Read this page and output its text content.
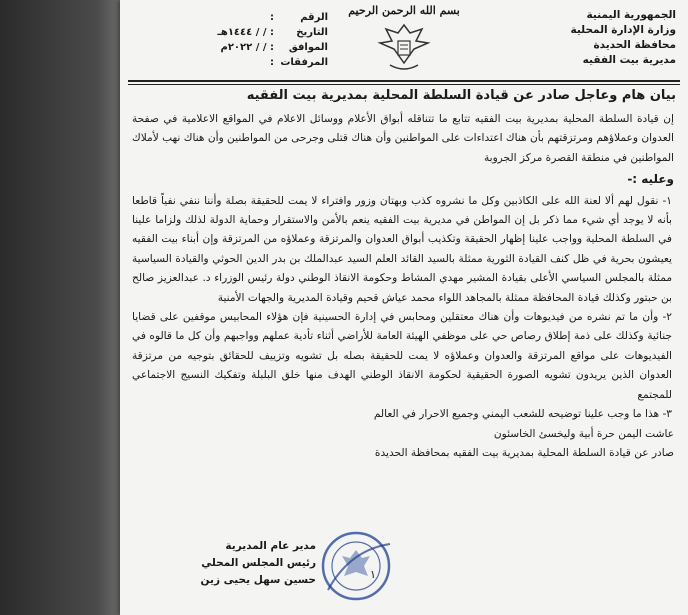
الجمهورية اليمنية
وزارة الإدارة المحلية
محافظة الحديدة
مديرية بيت الفقيه
بسم الله الرحمن الرحيم
الرقم
:
التاريخ
: / / ١٤٤٤هـ
الموافق
: / / ٢٠٢٢م
المرفقات
:
بيان هام وعاجل صادر عن قيادة السلطة المحلية بمديرية بيت الفقيه

إن قيادة السلطة المحلية بمديرية بيت الفقيه تتابع ما تتناقله أبواق الأعلام ووسائل الاعلام في المواقع الاعلامية في صفحة العدوان وعملاؤهم ومرتزقتهم بأن هناك اعتداءات على المواطنين وأن هناك قتلى وجرحى من المواطنين وأن هناك نهب لأملاك المواطنين في منطقة القصرة مركز الجروبة

وعليه :-

١- نقول لهم ألا لعنة الله على الكاذبين وكل ما نشروه كذب وبهتان وزور وافتراء لا يمت للحقيقة بصلة وأننا ننفي نفياً قاطعا بأنه لا يوجد أي شيء مما ذكر بل إن المواطن في مديرية بيت الفقيه ينعم بالأمن والاستقرار وحماية الدولة لذلك ولزاما علينا في السلطة المحلية وواجب علينا إظهار الحقيقة وتكذيب أبواق العدوان والمرتزقة وعملاؤه من المرتزقة وإن أبناء بيت الفقيه يعيشون بحرية في ظل كنف القيادة الثورية ممثلة بالسيد القائد العلم السيد عبدالملك بن بدر الدين الحوثي والقيادة السياسية ممثلة بالمجلس السياسي الأعلى بقيادة المشير مهدي المشاط وحكومة الانقاذ الوطني دولة رئيس الوزراء د. عبدالعزيز صالح بن حبتور وكذلك قيادة المحافظة ممثلة بالمجاهد اللواء محمد عياش قحيم وقيادة المديرية والجهات الأمنية

٢- وأن ما تم نشره من فيديوهات وأن هناك معتقلين ومحابس في إدارة الحسينية فإن هؤلاء المحابيس موقفين على قضايا جنائية وكذلك على ذمة إطلاق رصاص حي على موظفي الهيئة العامة للأراضي أثناء تأدية عملهم وواجبهم وأن كل ما قالوه في الفيديوهات على مواقع المرتزقة والعدوان وعملاؤه لا يمت للحقيقة بصله بل تشويه وتزييف للحقائق بتوجيه من مرتزقة العدوان الذين يريدون تشويه الصورة الحقيقية لحكومة الانقاذ الوطني الهدف منها خلق البلبلة وتفكيك النسيج الاجتماعي للمجتمع

٣- هذا ما وجب علينا توضيحه للشعب اليمني وجميع الاحرار في العالم

عاشت اليمن حرة أبية وليخسئ الخاسئون

صادر عن قيادة السلطة المحلية بمديرية بيت الفقيه بمحافظة الحديدة

مدير عام المديرية
رئيس المجلس المحلي
حسين سهل يحيى زين	١
